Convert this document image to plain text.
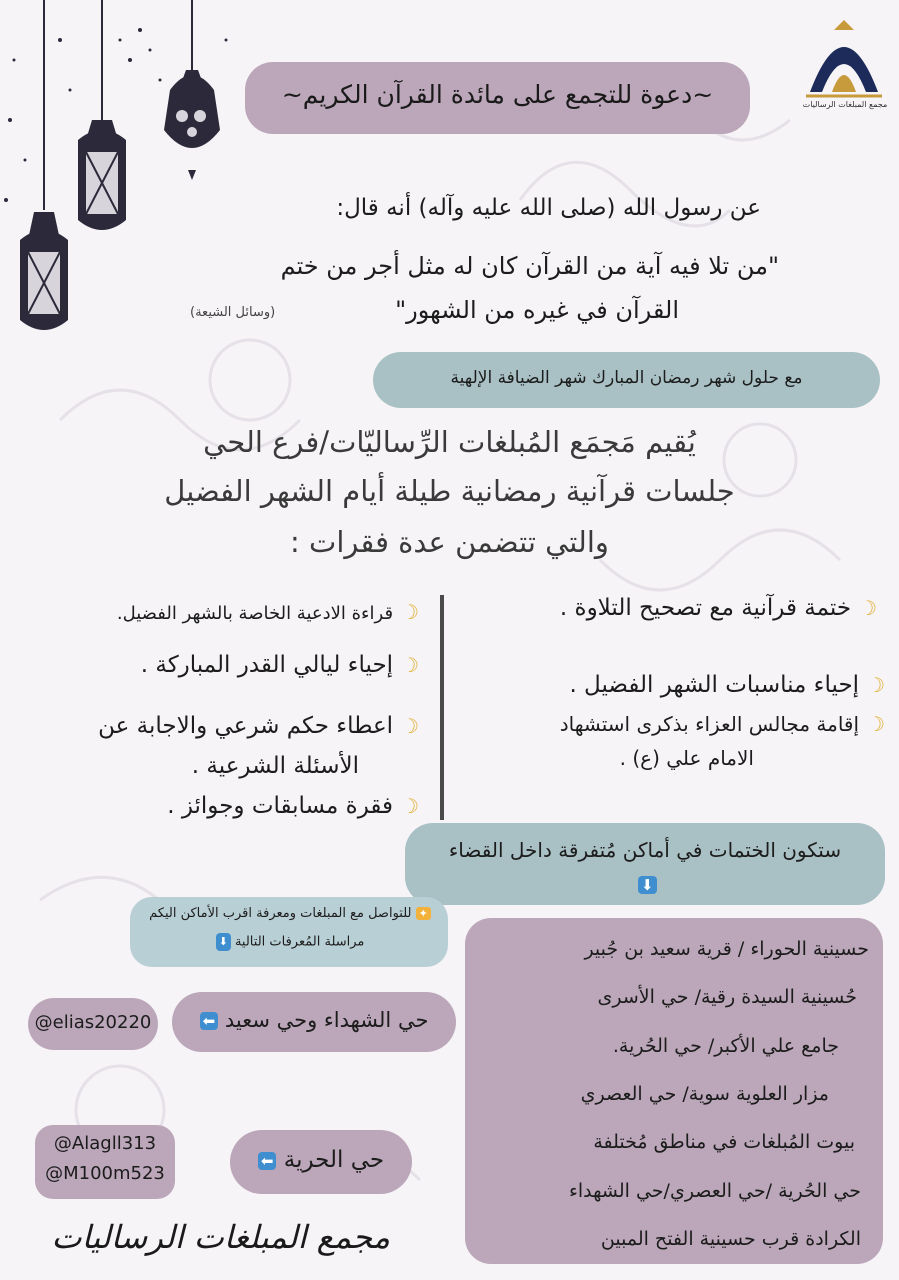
مجمع المبلغات الرساليات
~دعوة للتجمع على مائدة القرآن الكريم~
عن رسول الله (صلى الله عليه وآله) أنه قال:
"من تلا فيه آية من القرآن كان له مثل أجر من ختم
القرآن في غيره من الشهور"
(وسائل الشيعة)
مع حلول شهر رمضان المبارك شهر الضيافة الإلهية
يُقيم مَجمَع المُبلغات الرِّساليّات/فرع الحي
جلسات قرآنية رمضانية طيلة أيام الشهر الفضيل
والتي تتضمن عدة فقرات :
☽ختمة قرآنية مع تصحيح التلاوة .
☽إحياء مناسبات الشهر الفضيل .
☽إقامة مجالس العزاء بذكرى استشهاد
الامام علي (ع) .
☽قراءة الادعية الخاصة بالشهر الفضيل.
☽إحياء ليالي القدر المباركة .
☽اعطاء حكم شرعي والاجابة عن
الأسئلة الشرعية .
☽فقرة مسابقات وجوائز .
ستكون الختمات في أماكن مُتفرقة داخل القضاء
⬇
✦ للتواصل مع المبلغات ومعرفة اقرب الأماكن اليكم
مراسلة المُعرفات التالية ⬇
@elias20220	حي الشهداء وحي سعيد ⬅
@Alagll313
@M100m523
حي الحرية ⬅
حسينية الحوراء / قرية سعيد بن جُبير
حُسينية السيدة رقية/ حي الأسرى
جامع علي الأكبر/ حي الحُرية.
مزار العلوية سوية/ حي العصري
بيوت المُبلغات في مناطق مُختلفة
حي الحُرية /حي العصري/حي الشهداء
الكرادة قرب حسينية الفتح المبين
مجمع المبلغات الرساليات
